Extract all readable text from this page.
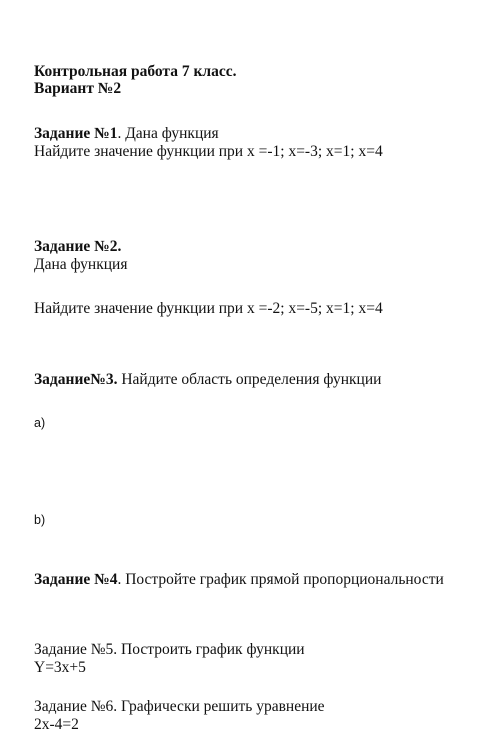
Контрольная работа 7 класс.
Вариант №2
Задание №1. Дана функция
Найдите значение функции при х =-1; х=-3; х=1; х=4
Задание №2.
Дана функция
Найдите значение функции при х =-2; х=-5; х=1; х=4
Задание№3. Найдите область определения функции
a)
b)
Задание №4. Постройте график прямой пропорциональности
Задание №5. Построить график функции
Y=3x+5
Задание №6. Графически решить уравнение
2x-4=2
